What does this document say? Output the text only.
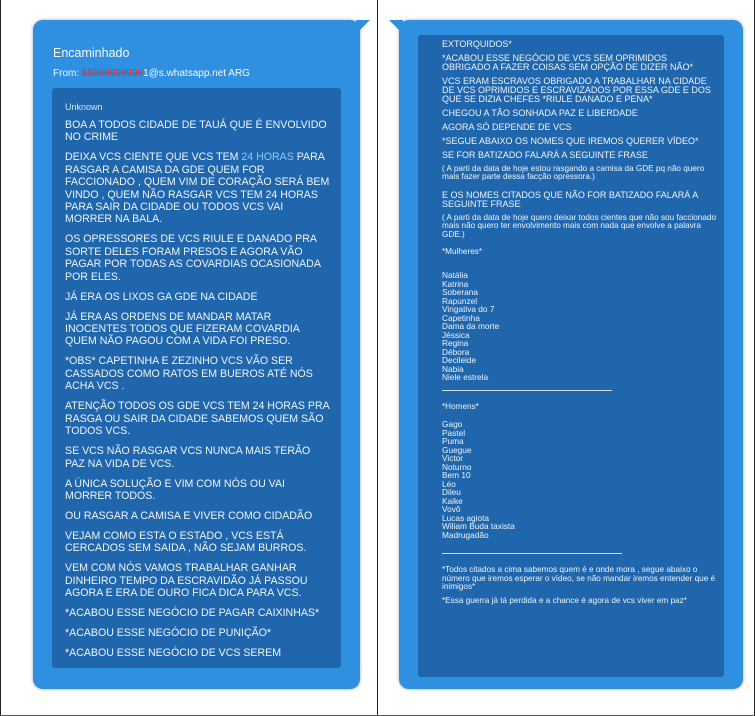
Encaminhado
From: 559999999991@s.whatsapp.net ARG
Unknown

BOA A TODOS CIDADE DE TAUÁ QUE É ENVOLVIDO NO CRIME

DEIXA VCS CIENTE QUE VCS TEM 24 HORAS PARA RASGAR A CAMISA DA GDE QUEM FOR FACCIONADO , QUEM VIM DE CORAÇÃO SERÁ BEM VINDO , QUEM NÃO RASGAR VCS TEM 24 HORAS PARA SAIR DA CIDADE OU TODOS VCS VAI MORRER NA BALA.

OS OPRESSORES DE VCS RIULE E DANADO PRA SORTE DELES FORAM PRESOS E AGORA VÃO PAGAR POR TODAS AS COVARDIAS OCASIONADA POR ELES.

JÁ ERA OS LIXOS GA GDE NA CIDADE

JÁ ERA AS ORDENS DE MANDAR MATAR INOCENTES TODOS QUE FIZERAM COVARDIA QUEM NÃO PAGOU COM A VIDA FOI PRESO.

*OBS* CAPETINHA E ZEZINHO VCS VÃO SER CASSADOS COMO RATOS EM BUEROS ATÉ NÓS ACHA VCS .

ATENÇÃO TODOS OS GDE VCS TEM 24 HORAS PRA RASGA OU SAIR DA CIDADE SABEMOS QUEM SÃO TODOS VCS.

SE VCS NÃO RASGAR VCS NUNCA MAIS TERÃO PAZ NA VIDA DE VCS.

A ÚNICA SOLUÇÃO E VIM COM NÓS OU VAI MORRER TODOS.

OU RASGAR A CAMISA E VIVER COMO CIDADÃO

VEJAM COMO ESTA O ESTADO , VCS ESTÁ CERCADOS SEM SAIDA , NÃO SEJAM BURROS.

VEM COM NÓS VAMOS TRABALHAR GANHAR DINHEIRO TEMPO DA ESCRAVIDÃO JÁ PASSOU AGORA E ERA DE OURO FICA DICA PARA VCS.

*ACABOU ESSE NEGÓCIO DE PAGAR CAIXINHAS*

*ACABOU ESSE NEGÓCIO DE PUNIÇÃO*

*ACABOU ESSE NEGÓCIO DE VCS SEREM

EXTORQUIDOS*

*ACABOU ESSE NEGÓCIO DE VCS SEM OPRIMIDOS OBRIGADO A FAZER COISAS SEM OPÇÃO DE DIZER NÃO*

VCS ERAM ESCRAVOS OBRIGADO A TRABALHAR NA CIDADE DE VCS OPRIMIDOS E ESCRAVIZADOS POR ESSA GDE E DOS QUE SE DIZIA CHEFES *RIULE DANADO E PENA*

CHEGOU A TÃO SONHADA PAZ E LIBERDADE

AGORA SÓ DEPENDE DE VCS

*SEGUE ABAIXO OS NOMES QUE IREMOS QUERER VÍDEO*

SE FOR BATIZADO FALARÁ A SEGUINTE FRASE

( A parti da data de hoje estou rasgando a camisa da GDE pq não quero mais fazer parte dessa facção opressora.)

E OS NOMES CITADOS QUE NÃO FOR BATIZADO FALARÁ A SEGUINTE FRASE

( A parti da data de hoje quero deixar todos cientes que não sou faccionado mais não quero ter envolvimento mais com nada que envolve a palavra GDE.)

*Mulheres*

Natália
Katrina
Soberana
Rapunzel
Vingativa do 7
Capetinha
Dama da morte
Jéssica
Regina
Débora
Decileide
Nabia
Niele estrela

*Homens*

Gago
Pastel
Puma
Guegue
Victor
Noturno
Bem 10
Léo
Dileu
Kaike
Vovô
Lucas agiota
Wiliam Buda taxista
Madrugadão

*Todos citados a cima sabemos quem é e onde mora , segue abaixo o número que iremos esperar o vídeo, se não mandar iremos entender que é inimigos*

*Essa guerra já tá perdida e a chance é agora de vcs viver em paz*
